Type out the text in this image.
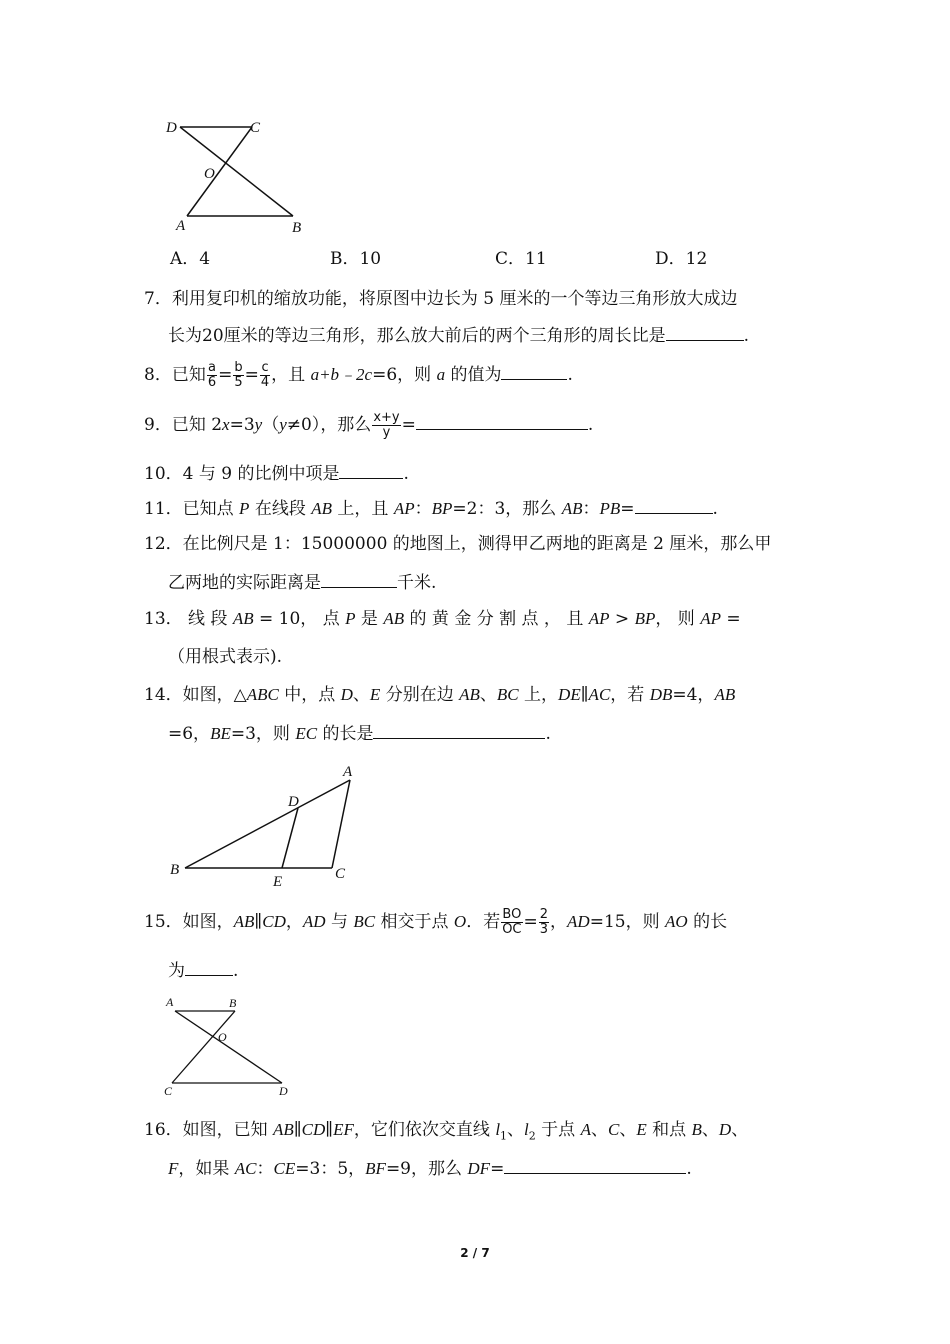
D	C
O
A	B
A．4	B．10	C．11	D．12
7．利用复印机的缩放功能，将原图中边长为 5 厘米的一个等边三角形放大成边
长为20厘米的等边三角形，那么放大前后的两个三角形的周长比是	.
8．已知 $\frac{a}{6} = \frac{b}{5} = \frac{c}{4}$ ，且 a+b﹣2c=6，则 a 的值为	.
9．已知 2x=3y（y≠0），那么 $\frac{x+y}{y}$ =	.
10．4 与 9 的比例中项是	.
11．已知点 P 在线段 AB 上，且 AP：BP=2：3，那么 AB：PB=	.
12．在比例尺是 1：15000000 的地图上，测得甲乙两地的距离是 2 厘米，那么甲
乙两地的实际距离是	千米.
13． 线 段 AB = 10， 点 P 是 AB 的 黄 金 分 割 点 ， 且 AP > BP， 则 AP =
（用根式表示).
14．如图，△ABC 中，点 D、E 分别在边 AB、BC 上，DE∥AC，若 DB=4，AB
=6，BE=3，则 EC 的长是	.
A
D
B
E	C
15．如图，AB∥CD，AD 与 BC 相交于点 O．若 $\frac{BO}{OC} = \frac{2}{3}$ ，AD=15，则 AO 的长
为	.
A	B
O
C	D
16．如图，已知 AB∥CD∥EF，它们依次交直线 $l_1$、$l_2$ 于点 A、C、E 和点 B、D、
F，如果 AC：CE=3：5，BF=9，那么 DF=	.
2 / 7
